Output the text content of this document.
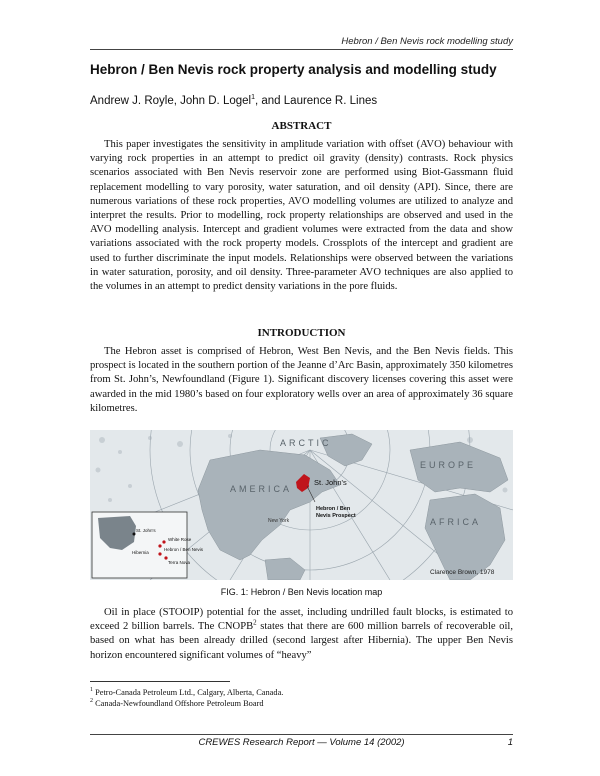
Hebron / Ben Nevis rock modelling study
Hebron / Ben Nevis rock property analysis and modelling study
Andrew J. Royle, John D. Logel$^1$, and Laurence R. Lines
ABSTRACT

This paper investigates the sensitivity in amplitude variation with offset (AVO) behaviour with varying rock properties in an attempt to predict oil gravity (density) contrasts. Rock physics scenarios associated with Ben Nevis reservoir zone are performed using Biot-Gassmann fluid replacement modelling to vary porosity, water saturation, and oil density (API). Since, there are numerous variations of these rock properties, AVO modelling volumes are utilized to analyze and interpret the results. Prior to modelling, rock property relationships are observed and used in the AVO modelling analysis. Intercept and gradient volumes were extracted from the data and show variations associated with the rock property models. Crossplots of the intercept and gradient are used to further discriminate the input models. Relationships were observed between the variations in water saturation, porosity, and oil density. Three-parameter AVO techniques are also applied to the volumes in an attempt to predict density variations in the pore fluids.

INTRODUCTION

The Hebron asset is comprised of Hebron, West Ben Nevis, and the Ben Nevis fields. This prospect is located in the southern portion of the Jeanne d’Arc Basin, approximately 350 kilometres from St. John’s, Newfoundland (Figure 1). Significant discovery licenses covering this asset were awarded in the mid 1980’s based on four exploratory wells over an area of approximately 36 square kilometres.

ARCTIC
AMERICA
EUROPE
AFRICA
St. John's
Hebron / Ben
Nevis Prospect
New York
Clarence Brown, 1978
St. John's
Hibernia
White Rose
Hebron / Ben Nevis
Terra Nova
FIG. 1: Hebron / Ben Nevis location map

Oil in place (STOOIP) potential for the asset, including undrilled fault blocks, is estimated to exceed 2 billion barrels. The CNOPB$^2$ states that there are 600 million barrels of recoverable oil, based on what has been already drilled (second largest after Hibernia). The upper Ben Nevis horizon encountered significant volumes of “heavy”

$^1$ Petro-Canada Petroleum Ltd., Calgary, Alberta, Canada.
$^2$ Canada-Newfoundland Offshore Petroleum Board
CREWES Research Report — Volume 14 (2002)	1
